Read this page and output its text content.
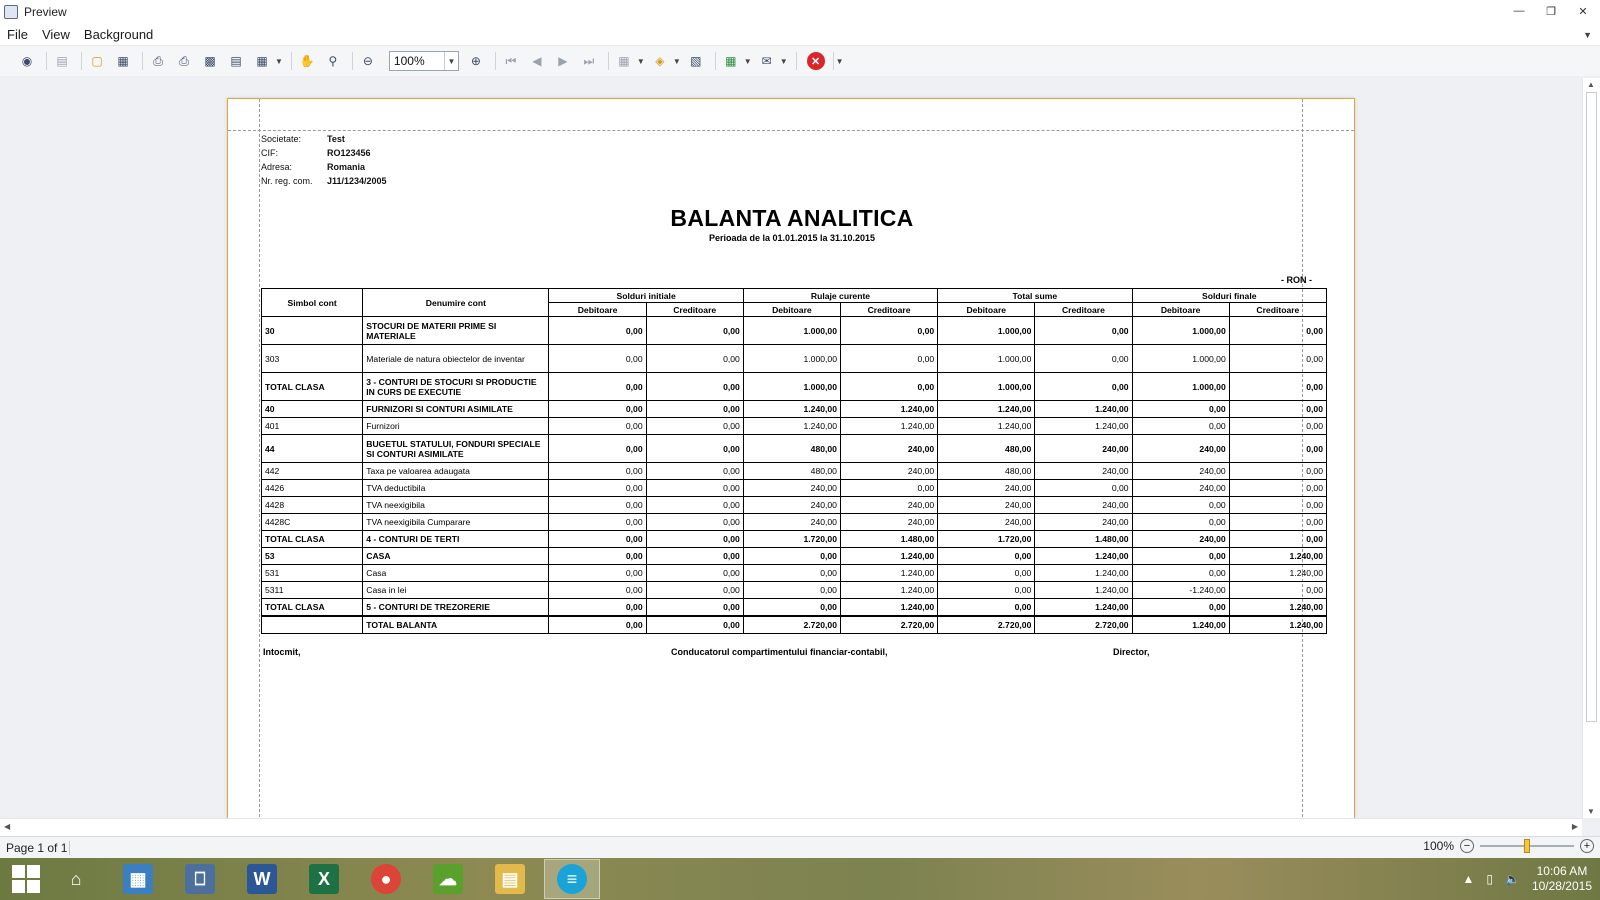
Preview	—	❐	✕
File	View	Background	▼
◉	▤	▢	▦	⎙	⎙	▩	▤	▦ ▼ ✋	⚲	⊖	100%	▼	⊕	⏮	◀	▶	⏭	▦ ▼ ◈	▼ ▧	▦ ▼ ✉ ▼	✕	▼
Societate:	Test
CIF:	RO123456
Adresa:	Romania
Nr. reg. com.	J11/1234/2005
BALANTA ANALITICA
Perioada de la 01.01.2015 la 31.10.2015
- RON -
Simbol cont	Denumire cont	Solduri initiale		Rulaje curente		Total sume		Solduri finale	
		Debitoare	Creditoare	Debitoare	Creditoare	Debitoare	Creditoare	Debitoare	Creditoare
30	STOCURI DE MATERII PRIME SI MATERIALE	0,00	0,00	1.000,00	0,00	1.000,00	0,00	1.000,00	0,00
303	Materiale de natura obiectelor de inventar	0,00	0,00	1.000,00	0,00	1.000,00	0,00	1.000,00	0,00
TOTAL CLASA	3 - CONTURI DE STOCURI SI PRODUCTIE IN CURS DE EXECUTIE	0,00	0,00	1.000,00	0,00	1.000,00	0,00	1.000,00	0,00
40	FURNIZORI SI CONTURI ASIMILATE	0,00	0,00	1.240,00	1.240,00	1.240,00	1.240,00	0,00	0,00
401	Furnizori	0,00	0,00	1.240,00	1.240,00	1.240,00	1.240,00	0,00	0,00
44	BUGETUL STATULUI, FONDURI SPECIALE SI CONTURI ASIMILATE	0,00	0,00	480,00	240,00	480,00	240,00	240,00	0,00
442	Taxa pe valoarea adaugata	0,00	0,00	480,00	240,00	480,00	240,00	240,00	0,00
4426	TVA deductibila	0,00	0,00	240,00	0,00	240,00	0,00	240,00	0,00
4428	TVA neexigibila	0,00	0,00	240,00	240,00	240,00	240,00	0,00	0,00
4428C	TVA neexigibila Cumparare	0,00	0,00	240,00	240,00	240,00	240,00	0,00	0,00
TOTAL CLASA	4 - CONTURI DE TERTI	0,00	0,00	1.720,00	1.480,00	1.720,00	1.480,00	240,00	0,00
53	CASA	0,00	0,00	0,00	1.240,00	0,00	1.240,00	0,00	1.240,00
531	Casa	0,00	0,00	0,00	1.240,00	0,00	1.240,00	0,00	1.240,00
5311	Casa in lei	0,00	0,00	0,00	1.240,00	0,00	1.240,00	-1.240,00	0,00
TOTAL CLASA	5 - CONTURI DE TREZORERIE	0,00	0,00	0,00	1.240,00	0,00	1.240,00	0,00	1.240,00
	TOTAL BALANTA	0,00	0,00	2.720,00	2.720,00	2.720,00	2.720,00	1.240,00	1.240,00
Intocmit,	Conducatorul compartimentului financiar-contabil,	Director,
▲
▼
◀	▶
Page 1 of 1	100% −	+
⌂	▦	⎕	W	X	●	☁	▤	≡	▲ ▯ 🔈
10:06 AM
10/28/2015
